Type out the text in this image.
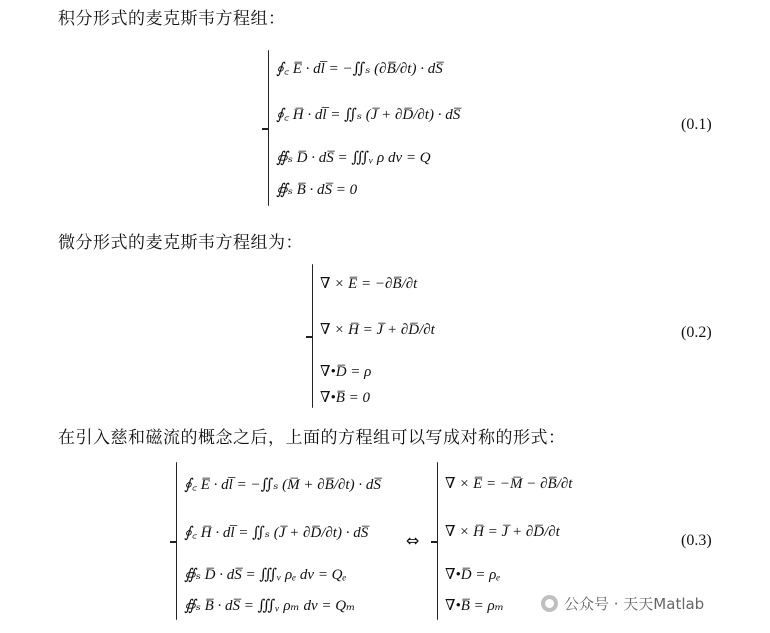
积分形式的麦克斯韦方程组：
∮꜀ E̅ · dl̅ = −∬ₛ (∂B̅/∂t) · dS̅
∮꜀ H̅ · dl̅ = ∬ₛ (J̅ + ∂D̅/∂t) · dS̅
∯ₛ D̅ · dS̅ = ∭ᵥ ρ dv = Q
∯ₛ B̅ · dS̅ = 0
(0.1)
微分形式的麦克斯韦方程组为：
∇ × E̅ = −∂B̅/∂t
∇ × H̅ = J̅ + ∂D̅/∂t
∇•D̅ = ρ
∇•B̅ = 0
(0.2)
在引入慈和磁流的概念之后，上面的方程组可以写成对称的形式：
∮꜀ E̅ · dl̅ = −∬ₛ (M̅ + ∂B̅/∂t) · dS̅
∮꜀ H̅ · dl̅ = ∬ₛ (J̅ + ∂D̅/∂t) · dS̅
∯ₛ D̅ · dS̅ = ∭ᵥ ρₑ dv = Qₑ
∯ₛ B̅ · dS̅ = ∭ᵥ ρₘ dv = Qₘ
⇔
∇ × E̅ = −M̅ − ∂B̅/∂t
∇ × H̅ = J̅ + ∂D̅/∂t
∇•D̅ = ρₑ
∇•B̅ = ρₘ
(0.3)
公众号 · 天天Matlab
